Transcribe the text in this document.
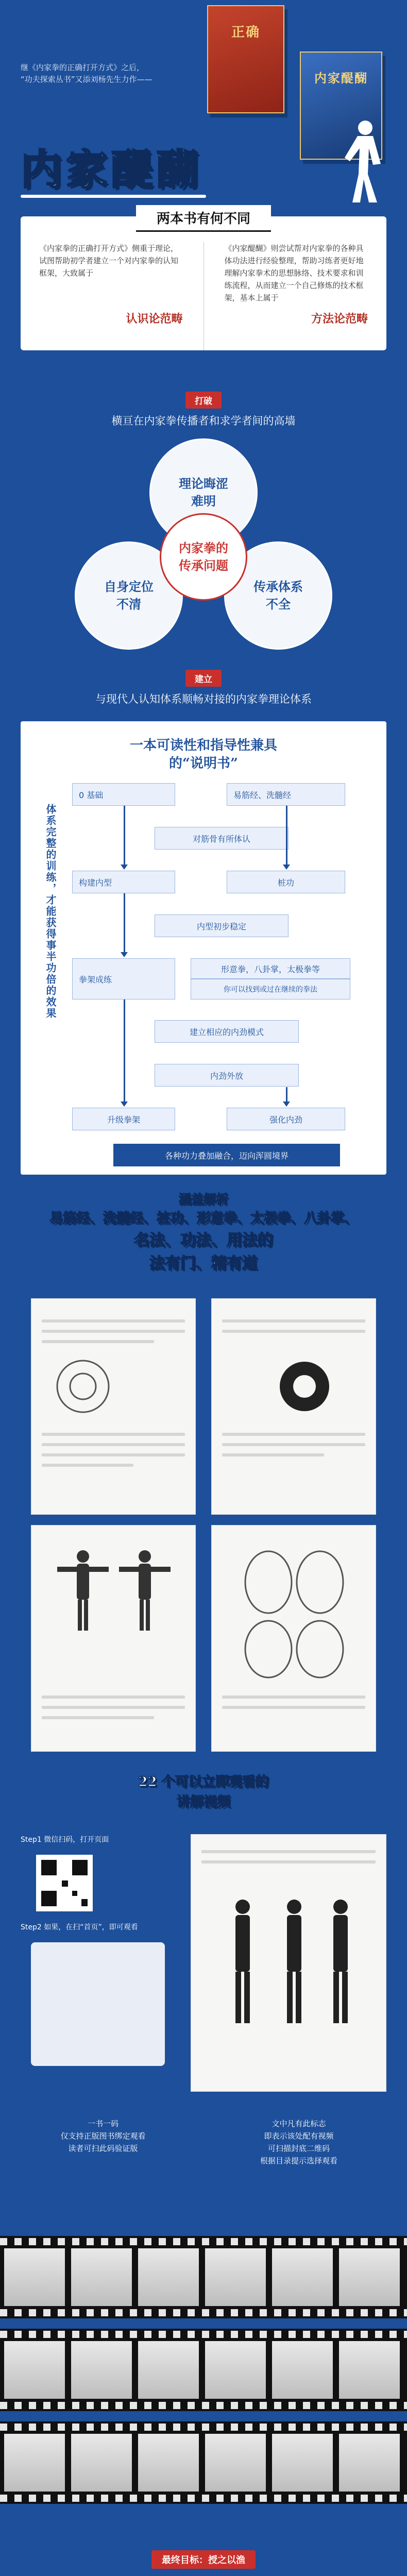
继《内家拳的正确打开方式》之后，
“功夫探索丛书”又添刘杨先生力作——
正确
内家醍醐
内家醍醐
两本书有何不同

《内家拳的正确打开方式》侧重于理论，试图帮助初学者建立一个对内家拳的认知框架，大致属于

认识论范畴

《内家醍醐》则尝试帮对内家拳的各种具体功法进行经验整理，帮助习练者更好地理解内家拳术的思想脉络、技术要求和训练流程，从而建立一个自己修炼的技术框架，基本上属于

方法论范畴
打破
横亘在内家拳传播者和求学者间的高墙
理论晦涩难明
自身定位不清
传承体系不全
内家拳的传承问题
建立
与现代人认知体系顺畅对接的内家拳理论体系
一本可读性和指导性兼具
的“说明书”
体系完整的训练，才能获得事半功倍的效果
0 基础	易筋经、洗髓经
对筋骨有所体认
构建内型	桩功
内型初步稳定
拳架成练
形意拳，八卦掌，太极拳等
你可以找到或过在继续的拳法
建立相应的内劲模式
内劲外放
升级拳架	强化内劲
各种功力叠加融合，迈向浑圆境界
涵盖解析
易筋经、洗髓经、桩功、形意拳、太极拳、八卦掌、
名法、功法、用法的
法有门、精有道
22 个可以立即观看的
讲解视频
Step1 微信扫码，打开页面
Step2 如果，在扫“首页”，即可观看
一书一码
仅支持正版图书绑定观看
读者可扫此码验证版
文中凡有此标志
即表示该处配有视频
可扫描封底二维码
根据目录提示选择观看
最终目标：授之以渔
